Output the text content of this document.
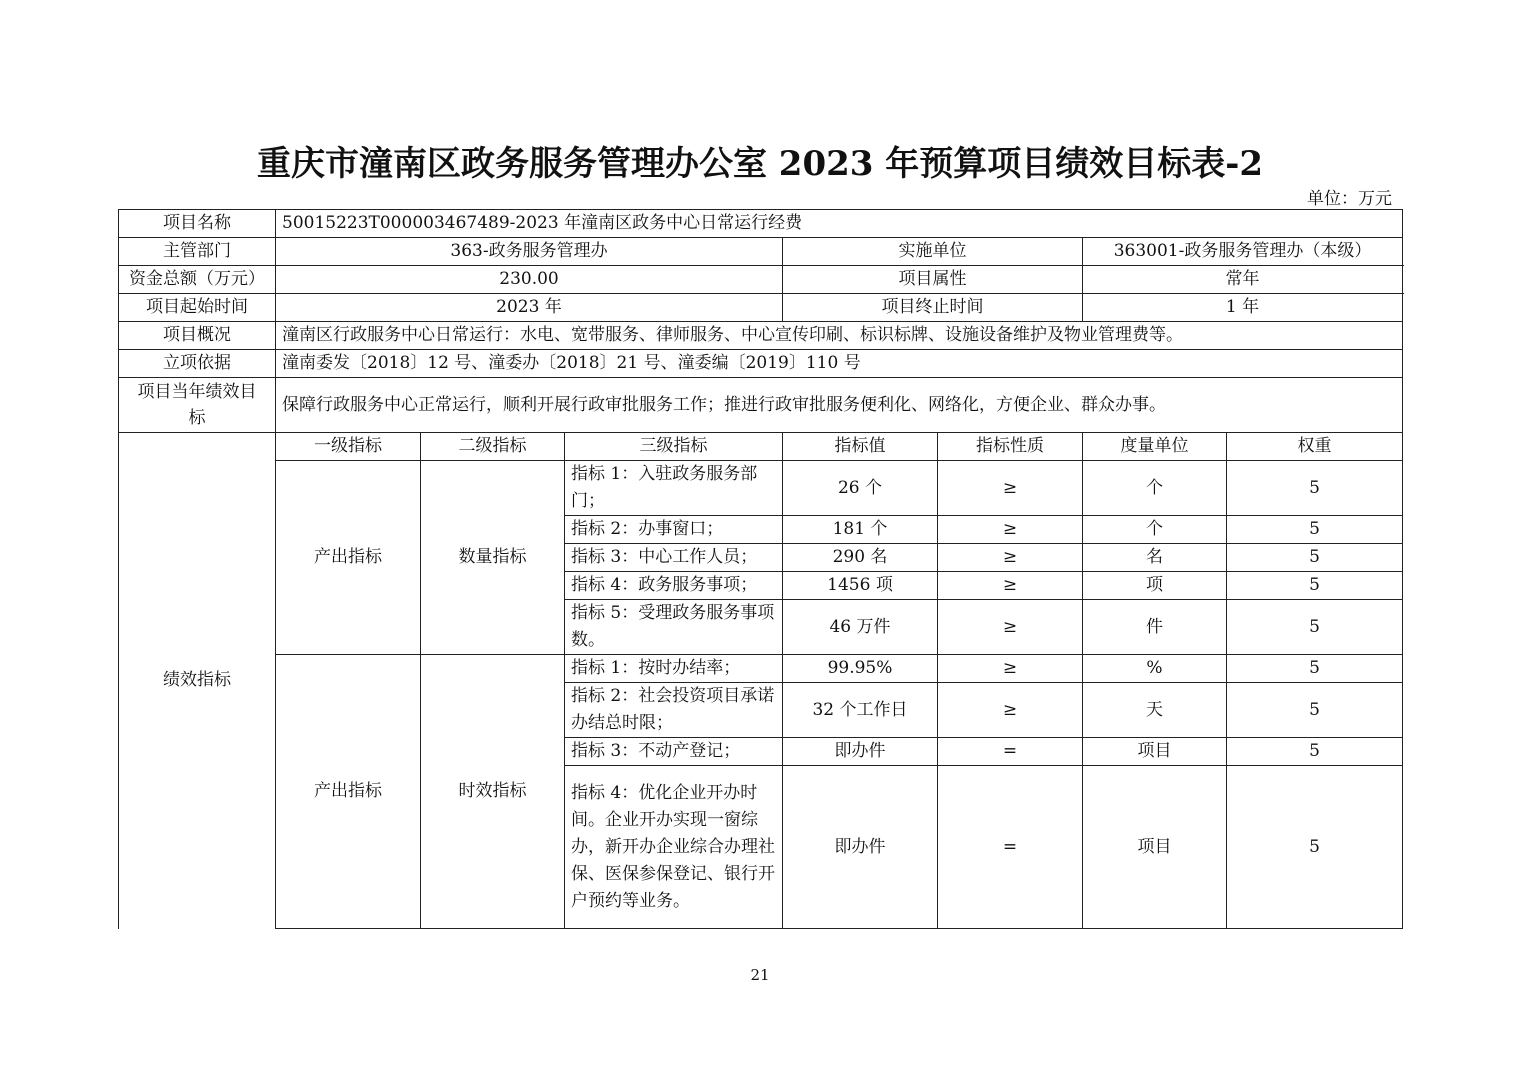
重庆市潼南区政务服务管理办公室 2023 年预算项目绩效目标表-2
单位：万元
项目名称	50015223T000003467489-2023 年潼南区政务中心日常运行经费						
主管部门	363-政务服务管理办			实施单位		363001-政务服务管理办（本级）	
资金总额（万元）	230.00			项目属性		常年	
项目起始时间	2023 年			项目终止时间		1 年	
项目概况	潼南区行政服务中心日常运行：水电、宽带服务、律师服务、中心宣传印刷、标识标牌、设施设备维护及物业管理费等。						
立项依据	潼南委发〔2018〕12 号、潼委办〔2018〕21 号、潼委编〔2019〕110 号						
项目当年绩效目标	保障行政服务中心正常运行，顺利开展行政审批服务工作；推进行政审批服务便利化、网络化，方便企业、群众办事。						
绩效指标	一级指标	二级指标	三级指标	指标值	指标性质	度量单位	权重
	产出指标	数量指标	指标 1：入驻政务服务部门；	26 个	≥	个	5
			指标 2：办事窗口；	181 个	≥	个	5
			指标 3：中心工作人员；	290 名	≥	名	5
			指标 4：政务服务事项；	1456 项	≥	项	5
			指标 5：受理政务服务事项数。	46 万件	≥	件	5
	产出指标	时效指标	指标 1：按时办结率；	99.95%	≥	%	5
			指标 2：社会投资项目承诺办结总时限；	32 个工作日	≥	天	5
			指标 3：不动产登记；	即办件	=	项目	5
			指标 4：优化企业开办时间。企业开办实现一窗综办，新开办企业综合办理社保、医保参保登记、银行开户预约等业务。	即办件	=	项目	5
21
